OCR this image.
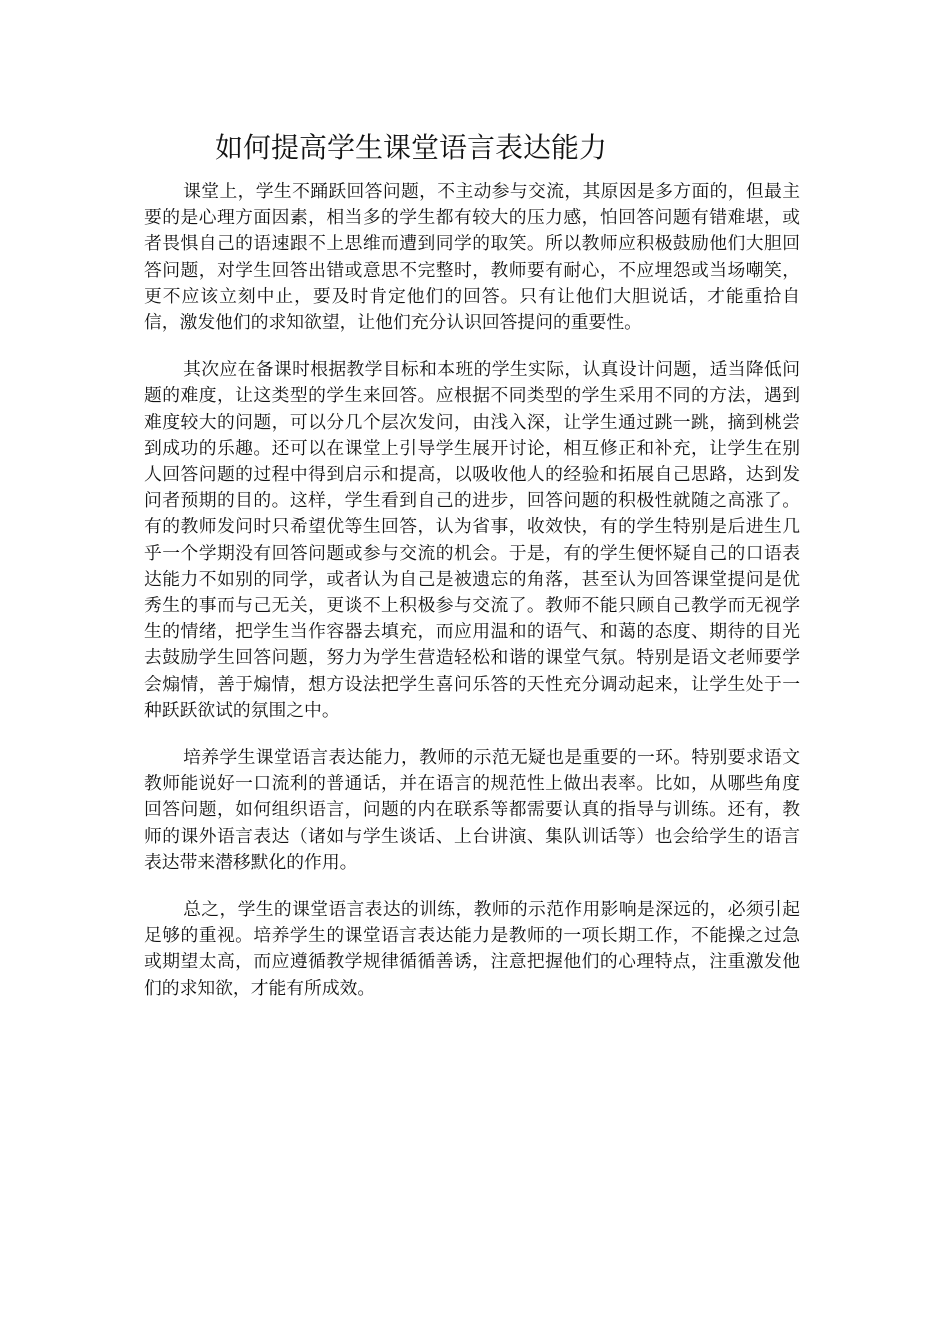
如何提高学生课堂语言表达能力

课堂上，学生不踊跃回答问题，不主动参与交流，其原因是多方面的，但最主要的是心理方面因素，相当多的学生都有较大的压力感，怕回答问题有错难堪，或者畏惧自己的语速跟不上思维而遭到同学的取笑。所以教师应积极鼓励他们大胆回答问题，对学生回答出错或意思不完整时，教师要有耐心，不应埋怨或当场嘲笑，更不应该立刻中止，要及时肯定他们的回答。只有让他们大胆说话，才能重拾自信，激发他们的求知欲望，让他们充分认识回答提问的重要性。

其次应在备课时根据教学目标和本班的学生实际，认真设计问题，适当降低问题的难度，让这类型的学生来回答。应根据不同类型的学生采用不同的方法，遇到难度较大的问题，可以分几个层次发问，由浅入深，让学生通过跳一跳，摘到桃尝到成功的乐趣。还可以在课堂上引导学生展开讨论，相互修正和补充，让学生在别人回答问题的过程中得到启示和提高，以吸收他人的经验和拓展自己思路，达到发问者预期的目的。这样，学生看到自己的进步，回答问题的积极性就随之高涨了。有的教师发问时只希望优等生回答，认为省事，收效快，有的学生特别是后进生几乎一个学期没有回答问题或参与交流的机会。于是，有的学生便怀疑自己的口语表达能力不如别的同学，或者认为自己是被遗忘的角落，甚至认为回答课堂提问是优秀生的事而与己无关，更谈不上积极参与交流了。教师不能只顾自己教学而无视学生的情绪，把学生当作容器去填充，而应用温和的语气、和蔼的态度、期待的目光去鼓励学生回答问题，努力为学生营造轻松和谐的课堂气氛。特别是语文老师要学会煽情，善于煽情，想方设法把学生喜问乐答的天性充分调动起来，让学生处于一种跃跃欲试的氛围之中。

培养学生课堂语言表达能力，教师的示范无疑也是重要的一环。特别要求语文教师能说好一口流利的普通话，并在语言的规范性上做出表率。比如，从哪些角度回答问题，如何组织语言，问题的内在联系等都需要认真的指导与训练。还有，教师的课外语言表达（诸如与学生谈话、上台讲演、集队训话等）也会给学生的语言表达带来潜移默化的作用。

总之，学生的课堂语言表达的训练，教师的示范作用影响是深远的，必须引起足够的重视。培养学生的课堂语言表达能力是教师的一项长期工作，不能操之过急或期望太高，而应遵循教学规律循循善诱，注意把握他们的心理特点，注重激发他们的求知欲，才能有所成效。
